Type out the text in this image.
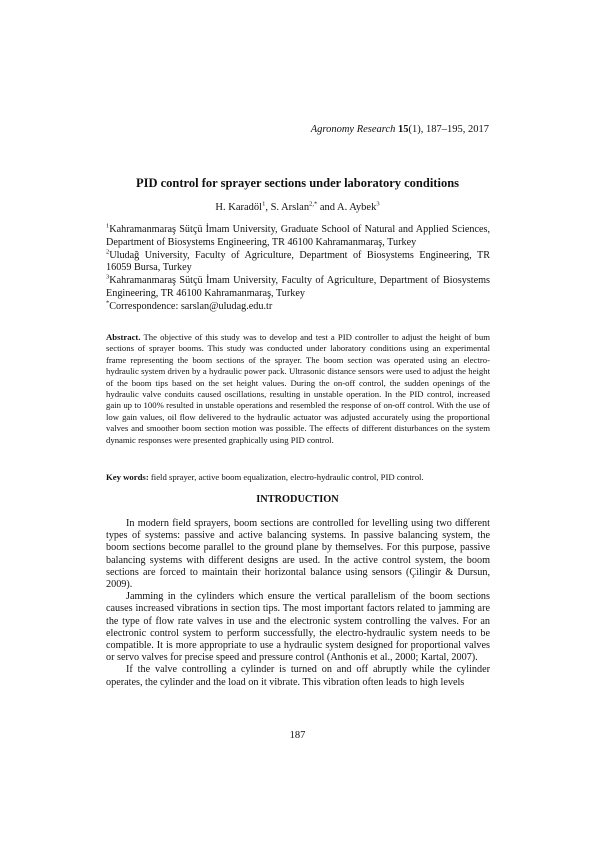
Agronomy Research 15(1), 187–195, 2017
PID control for sprayer sections under laboratory conditions
H. Karadöl$^1$, S. Arslan$^{2,*}$ and A. Aybek$^3$

$^1$Kahramanmaraş Sütçü İmam University, Graduate School of Natural and Applied Sciences, Department of Biosystems Engineering, TR 46100 Kahramanmaraş, Turkey

$^2$Uludağ University, Faculty of Agriculture, Department of Biosystems Engineering, TR 16059 Bursa, Turkey

$^3$Kahramanmaraş Sütçü İmam University, Faculty of Agriculture, Department of Biosystems Engineering, TR 46100 Kahramanmaraş, Turkey

*Correspondence: sarslan@uludag.edu.tr

Abstract. The objective of this study was to develop and test a PID controller to adjust the height of bum sections of sprayer booms. This study was conducted under laboratory conditions using an experimental frame representing the boom sections of the sprayer. The boom section was operated using an electro-hydraulic system driven by a hydraulic power pack. Ultrasonic distance sensors were used to adjust the height of the boom tips based on the set height values. During the on-off control, the sudden openings of the hydraulic valve conduits caused oscillations, resulting in unstable operation. In the PID control, increased gain up to 100% resulted in unstable operations and resembled the response of on-off control. With the use of low gain values, oil flow delivered to the hydraulic actuator was adjusted accurately using the proportional valves and smoother boom section motion was possible. The effects of different disturbances on the system dynamic responses were presented graphically using PID control.
Key words: field sprayer, active boom equalization, electro-hydraulic control, PID control.
INTRODUCTION

In modern field sprayers, boom sections are controlled for levelling using two different types of systems: passive and active balancing systems. In passive balancing system, the boom sections become parallel to the ground plane by themselves. For this purpose, passive balancing systems with different designs are used. In the active control system, the boom sections are forced to maintain their horizontal balance using sensors (Çilingir & Dursun, 2009).

Jamming in the cylinders which ensure the vertical parallelism of the boom sections causes increased vibrations in section tips. The most important factors related to jamming are the type of flow rate valves in use and the electronic system controlling the valves. For an electronic control system to perform successfully, the electro-hydraulic system needs to be compatible. It is more appropriate to use a hydraulic system designed for proportional valves or servo valves for precise speed and pressure control (Anthonis et al., 2000; Kartal, 2007).

If the valve controlling a cylinder is turned on and off abruptly while the cylinder operates, the cylinder and the load on it vibrate. This vibration often leads to high levels

187
